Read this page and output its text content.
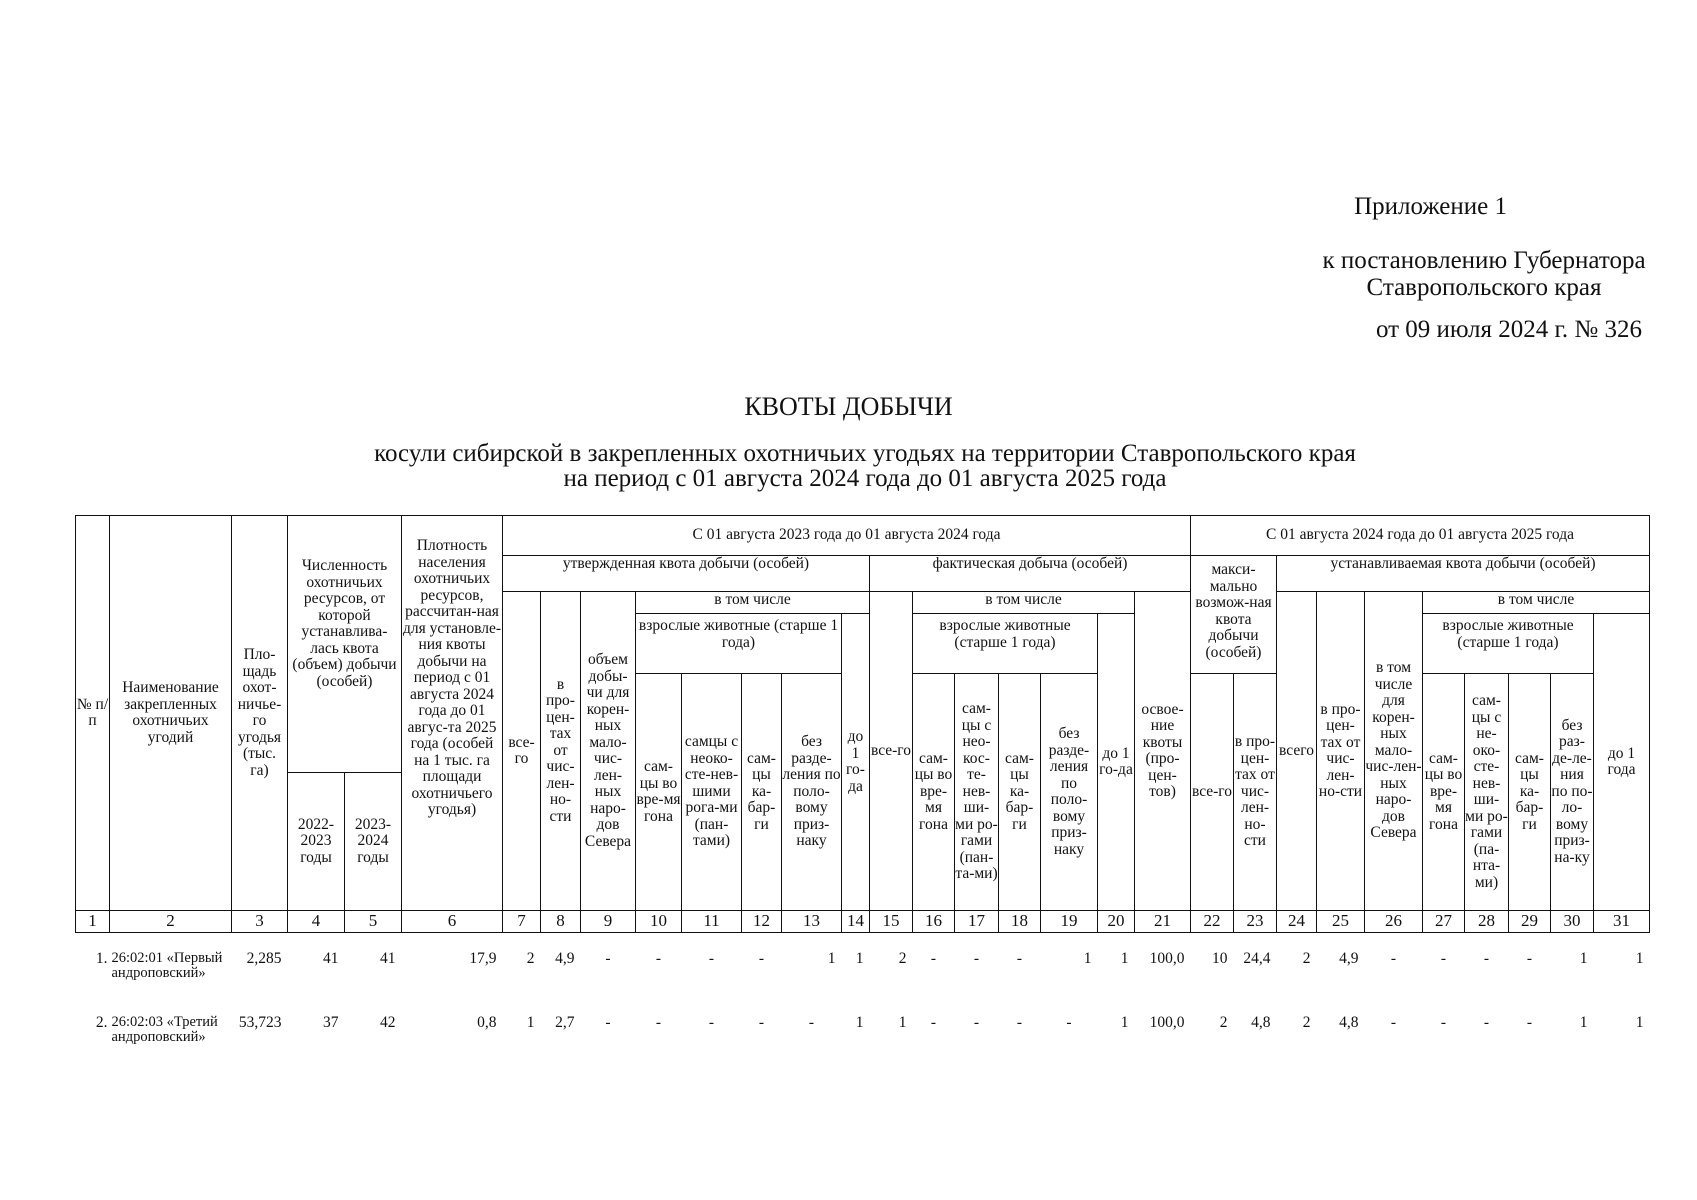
Приложение 1
к постановлению Губернатора
Ставропольского края
от 09 июля 2024 г. № 326
КВОТЫ ДОБЫЧИ
косули сибирской в закрепленных охотничьих угодьях на территории Ставропольского края
на период с 01 августа 2024 года до 01 августа 2025 года
№ п/п	Наименование закрепленных охотничьих угодий	Пло-щадь охот-ничье-го угодья (тыс. га)	Численность охотничьих ресурсов, от которой устанавлива-лась квота (объем) добычи (особей)		Плотность населения охотничьих ресурсов, рассчитан-ная для установле-ния квоты добычи на период с 01 августа 2024 года до 01 авгус-та 2025 года (особей на 1 тыс. га площади охотничьего угодья)	С 01 августа 2023 года до 01 августа 2024 года															С 01 августа 2024 года до 01 августа 2025 года									
						утвержденная квота добычи (особей)								фактическая добыча (особей)							макси-мально возмож-ная квота добычи (особей)		устанавливаемая квота добычи (особей)							
						все-го	в про-цен-тах от чис-лен-но-сти	объем добы-чи для корен-ных мало-чис-лен-ных наро-дов Севера	в том числе					все-го	в том числе					освое-ние квоты (про-цен-тов)			всего	в про-цен-тах от чис-лен-но-сти	в том числе для корен-ных мало-чис-лен-ных наро-дов Севера	в том числе				
									взрослые животные (старше 1 года)				до 1 го-да		взрослые животные (старше 1 года)				до 1 го-да							взрослые животные (старше 1 года)				до 1 года
									сам-цы во вре-мя гона	самцы с неоко-сте-нев-шими рога-ми (пан-тами)	сам-цы ка-бар-ги	без разде-ления по поло-вому приз-наку			сам-цы во вре-мя гона	сам-цы с нео-кос-те-нев-ши-ми ро-гами (пан-та-ми)	сам-цы ка-бар-ги	без разде-ления по поло-вому приз-наку			все-го	в про-цен-тах от чис-лен-но-сти				сам-цы во вре-мя гона	сам-цы с не-око-сте-нев-ши-ми ро-гами (па-нта-ми)	сам-цы ка-бар-ги	без раз-де-ле-ния по по-ло-вому приз-на-ку	
			2022-2023 годы	2023-2024 годы																										
1	2	3	4	5	6	7	8	9	10	11	12	13	14	15	16	17	18	19	20	21	22	23	24	25	26	27	28	29	30	31
1.	26:02:01 «Первый андроповский»	2,285	41	41	17,9	2	4,9	-	-	-	-	1	1	2	-	-	-	1	1	100,0	10	24,4	2	4,9	-	-	-	-	1	1
2.	26:02:03 «Третий андроповский»	53,723	37	42	0,8	1	2,7	-	-	-	-	-	1	1	-	-	-	-	1	100,0	2	4,8	2	4,8	-	-	-	-	1	1
